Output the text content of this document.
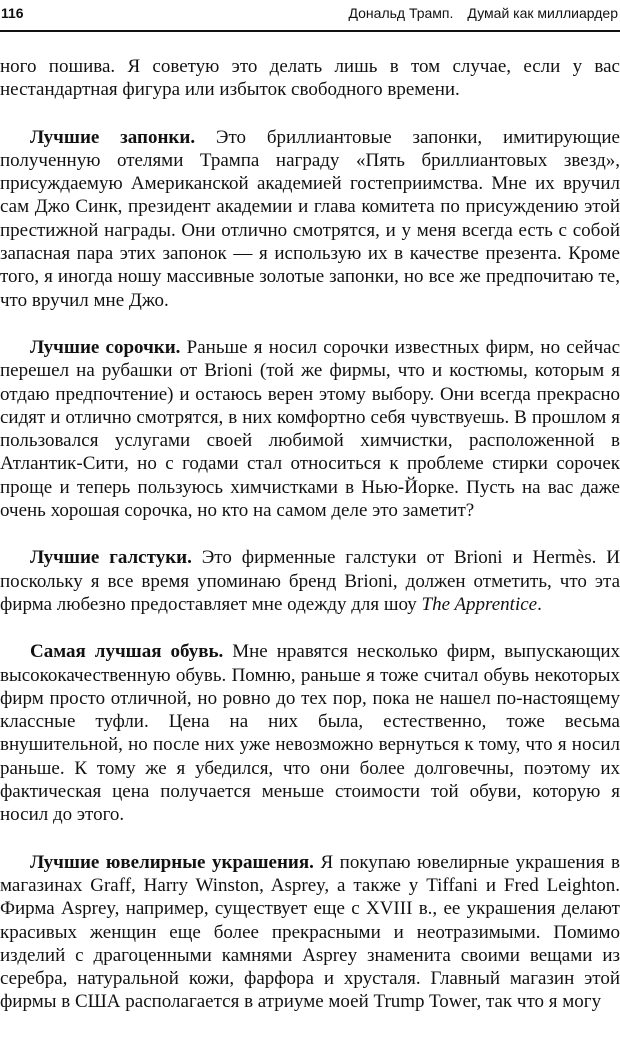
116	Дональд Трамп. Думай как миллиардер

ного пошива. Я советую это делать лишь в том случае, если у вас нестандартная фигура или избыток свободного времени.

Лучшие запонки. Это бриллиантовые запонки, имитирующие полученную отелями Трампа награду «Пять бриллиантовых звезд», присуждаемую Американской академией гостеприимства. Мне их вручил сам Джо Синк, президент академии и глава комитета по присуждению этой престижной награды. Они отлично смотрятся, и у меня всегда есть с собой запасная пара этих запонок — я использую их в качестве презента. Кроме того, я иногда ношу массивные золотые запонки, но все же предпочитаю те, что вручил мне Джо.

Лучшие сорочки. Раньше я носил сорочки известных фирм, но сейчас перешел на рубашки от Brioni (той же фирмы, что и костюмы, которым я отдаю предпочтение) и остаюсь верен этому выбору. Они всегда прекрасно сидят и отлично смотрятся, в них комфортно себя чувствуешь. В прошлом я пользовался услугами своей любимой химчистки, расположенной в Атлантик-Сити, но с годами стал относиться к проблеме стирки сорочек проще и теперь пользуюсь химчистками в Нью-Йорке. Пусть на вас даже очень хорошая сорочка, но кто на самом деле это заметит?

Лучшие галстуки. Это фирменные галстуки от Brioni и Hermès. И поскольку я все время упоминаю бренд Brioni, должен отметить, что эта фирма любезно предоставляет мне одежду для шоу The Apprentice.

Самая лучшая обувь. Мне нравятся несколько фирм, выпускающих высококачественную обувь. Помню, раньше я тоже считал обувь некоторых фирм просто отличной, но ровно до тех пор, пока не нашел по-настоящему классные туфли. Цена на них была, естественно, тоже весьма внушительной, но после них уже невозможно вернуться к тому, что я носил раньше. К тому же я убедился, что они более долговечны, поэтому их фактическая цена получается меньше стоимости той обуви, которую я носил до этого.

Лучшие ювелирные украшения. Я покупаю ювелирные украшения в магазинах Graff, Harry Winston, Asprey, а также у Tiffani и Fred Leighton. Фирма Asprey, например, существует еще с XVIII в., ее украшения делают красивых женщин еще более прекрасными и неотразимыми. Помимо изделий с драгоценными камнями Asprey знаменита своими вещами из серебра, натуральной кожи, фарфора и хрусталя. Главный магазин этой фирмы в США располагается в атриуме моей Trump Tower, так что я могу
